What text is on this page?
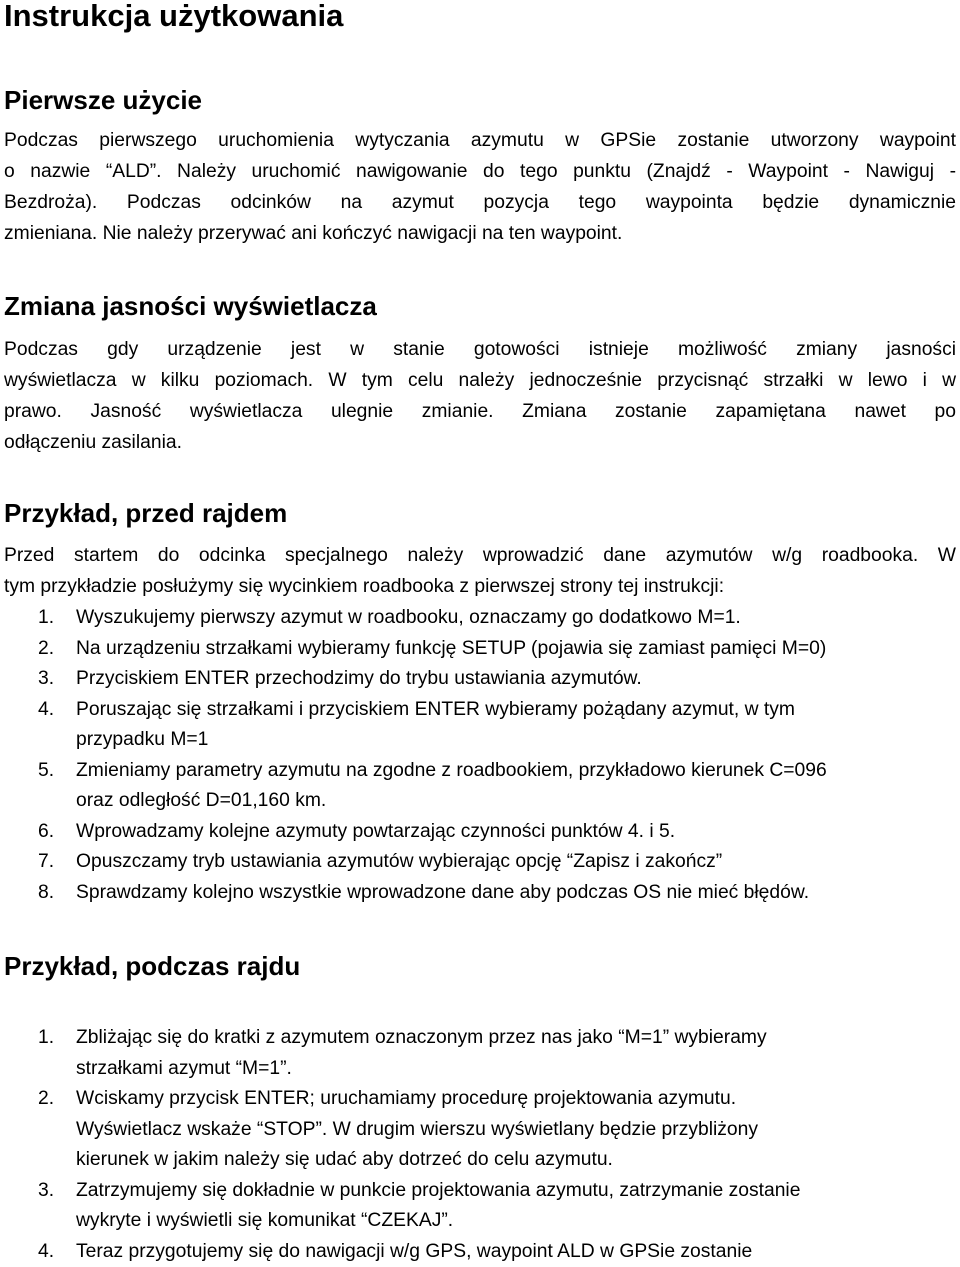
Instrukcja użytkowania
Pierwsze użycie
Podczas pierwszego uruchomienia wytyczania azymutu w GPSie zostanie utworzony waypoint
o nazwie “ALD”. Należy uruchomić nawigowanie do tego punktu (Znajdź - Waypoint - Nawiguj -
Bezdroża). Podczas odcinków na azymut pozycja tego waypointa będzie dynamicznie
zmieniana. Nie należy przerywać ani kończyć nawigacji na ten waypoint.
Zmiana jasności wyświetlacza
Podczas gdy urządzenie jest w stanie gotowości istnieje możliwość zmiany jasności
wyświetlacza w kilku poziomach. W tym celu należy jednocześnie przycisnąć strzałki w lewo i w
prawo. Jasność wyświetlacza ulegnie zmianie. Zmiana zostanie zapamiętana nawet po
odłączeniu zasilania.
Przykład, przed rajdem
Przed startem do odcinka specjalnego należy wprowadzić dane azymutów w/g roadbooka. W
tym przykładzie posłużymy się wycinkiem roadbooka z pierwszej strony tej instrukcji:
1. Wyszukujemy pierwszy azymut w roadbooku, oznaczamy go dodatkowo M=1.
2. Na urządzeniu strzałkami wybieramy funkcję SETUP (pojawia się zamiast pamięci M=0)
3. Przyciskiem ENTER przechodzimy do trybu ustawiania azymutów.
4. Poruszając się strzałkami i przyciskiem ENTER wybieramy pożądany azymut, w tym
przypadku M=1
5. Zmieniamy parametry azymutu na zgodne z roadbookiem, przykładowo kierunek C=096
oraz odległość D=01,160 km.
6. Wprowadzamy kolejne azymuty powtarzając czynności punktów 4. i 5.
7. Opuszczamy tryb ustawiania azymutów wybierając opcję “Zapisz i zakończ”
8. Sprawdzamy kolejno wszystkie wprowadzone dane aby podczas OS nie mieć błędów.
Przykład, podczas rajdu
1. Zbliżając się do kratki z azymutem oznaczonym przez nas jako “M=1” wybieramy
strzałkami azymut “M=1”.
2. Wciskamy przycisk ENTER; uruchamiamy procedurę projektowania azymutu.
Wyświetlacz wskaże “STOP”. W drugim wierszu wyświetlany będzie przybliżony
kierunek w jakim należy się udać aby dotrzeć do celu azymutu.
3. Zatrzymujemy się dokładnie w punkcie projektowania azymutu, zatrzymanie zostanie
wykryte i wyświetli się komunikat “CZEKAJ”.
4. Teraz przygotujemy się do nawigacji w/g GPS, waypoint ALD w GPSie zostanie
